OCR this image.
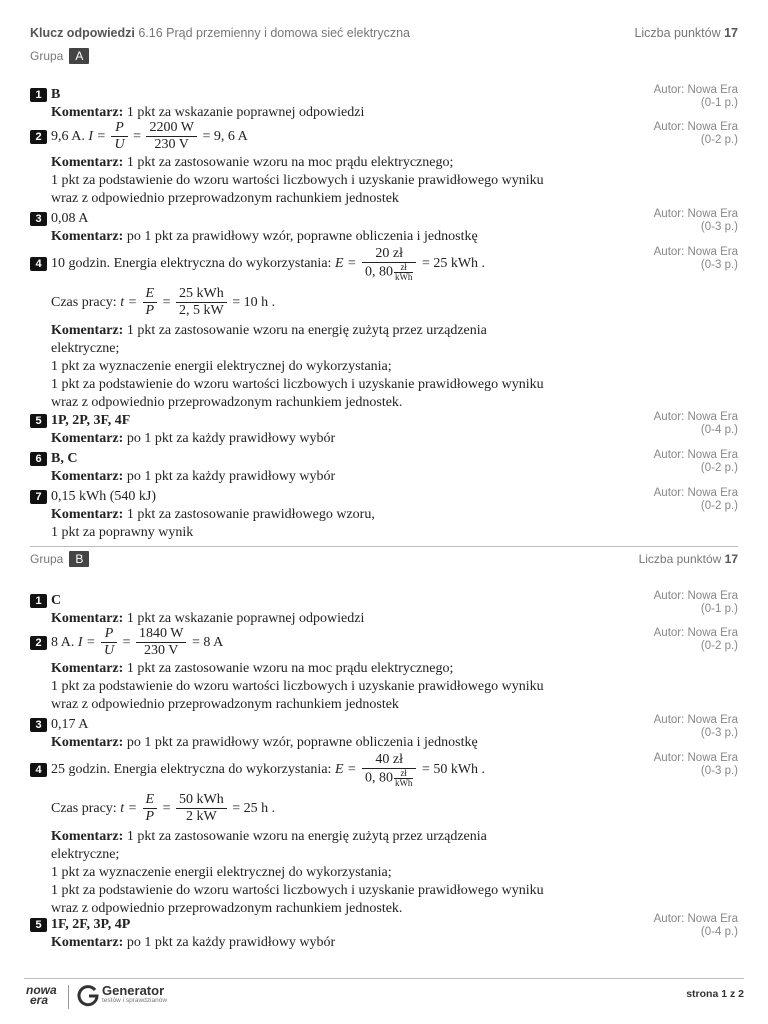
Klucz odpowiedzi 6.16 Prąd przemienny i domowa sieć elektryczna	Liczba punktów 17
Grupa A
Autor: Nowa Era
(0-1 p.)
1 B
Komentarz: 1 pkt za wskazanie poprawnej odpowiedzi
Autor: Nowa Era
(0-2 p.)
2 9,6 A. $I = \frac{P}{U} = \frac{2200 W}{230 V} = 9$, 6 A
Komentarz: 1 pkt za zastosowanie wzoru na moc prądu elektrycznego;
1 pkt za podstawienie do wzoru wartości liczbowych i uzyskanie prawidłowego wyniku
wraz z odpowiednio przeprowadzonym rachunkiem jednostek
Autor: Nowa Era
(0-3 p.)
3 0,08 A
Komentarz: po 1 pkt za prawidłowy wzór, poprawne obliczenia i jednostkę
Autor: Nowa Era
(0-3 p.)
4 10 godzin. Energia elektryczna do wykorzystania: $E = \frac{20 zł}{0, 80 \frac{zł}{\text{kWh}}} = 25$ kWh .
Czas pracy: $t = \frac{E}{P} = \frac{\text{25 kWh}}{2, 5 kW} = 10$ h .
Komentarz: 1 pkt za zastosowanie wzoru na energię zużytą przez urządzenia
elektryczne;
1 pkt za wyznaczenie energii elektrycznej do wykorzystania;
1 pkt za podstawienie do wzoru wartości liczbowych i uzyskanie prawidłowego wyniku
wraz z odpowiednio przeprowadzonym rachunkiem jednostek.
Autor: Nowa Era
(0-4 p.)
5 1P, 2P, 3F, 4F
Komentarz: po 1 pkt za każdy prawidłowy wybór
Autor: Nowa Era
(0-2 p.)
6 B, C
Komentarz: po 1 pkt za każdy prawidłowy wybór
Autor: Nowa Era
(0-2 p.)
7 0,15 kWh (540 kJ)
Komentarz: 1 pkt za zastosowanie prawidłowego wzoru,
1 pkt za poprawny wynik
Grupa B	Liczba punktów 17
Autor: Nowa Era
(0-1 p.)
1 C
Komentarz: 1 pkt za wskazanie poprawnej odpowiedzi
Autor: Nowa Era
(0-2 p.)
2 8 A. $I = \frac{P}{U} = \frac{1840 W}{230 V} = 8$ A
Komentarz: 1 pkt za zastosowanie wzoru na moc prądu elektrycznego;
1 pkt za podstawienie do wzoru wartości liczbowych i uzyskanie prawidłowego wyniku
wraz z odpowiednio przeprowadzonym rachunkiem jednostek
Autor: Nowa Era
(0-3 p.)
3 0,17 A
Komentarz: po 1 pkt za prawidłowy wzór, poprawne obliczenia i jednostkę
Autor: Nowa Era
(0-3 p.)
4 25 godzin. Energia elektryczna do wykorzystania: $E = \frac{40 zł}{0, 80 \frac{zł}{\text{kWh}}} = 50$ kWh .
Czas pracy: $t = \frac{E}{P} = \frac{\text{50 kWh}}{2 kW} = 25$ h .
Komentarz: 1 pkt za zastosowanie wzoru na energię zużytą przez urządzenia
elektryczne;
1 pkt za wyznaczenie energii elektrycznej do wykorzystania;
1 pkt za podstawienie do wzoru wartości liczbowych i uzyskanie prawidłowego wyniku
wraz z odpowiednio przeprowadzonym rachunkiem jednostek.
Autor: Nowa Era
(0-4 p.)
5 1F, 2F, 3P, 4P
Komentarz: po 1 pkt za każdy prawidłowy wybór
nowa
era
Generator
testów i sprawdzianów
strona 1 z 2
